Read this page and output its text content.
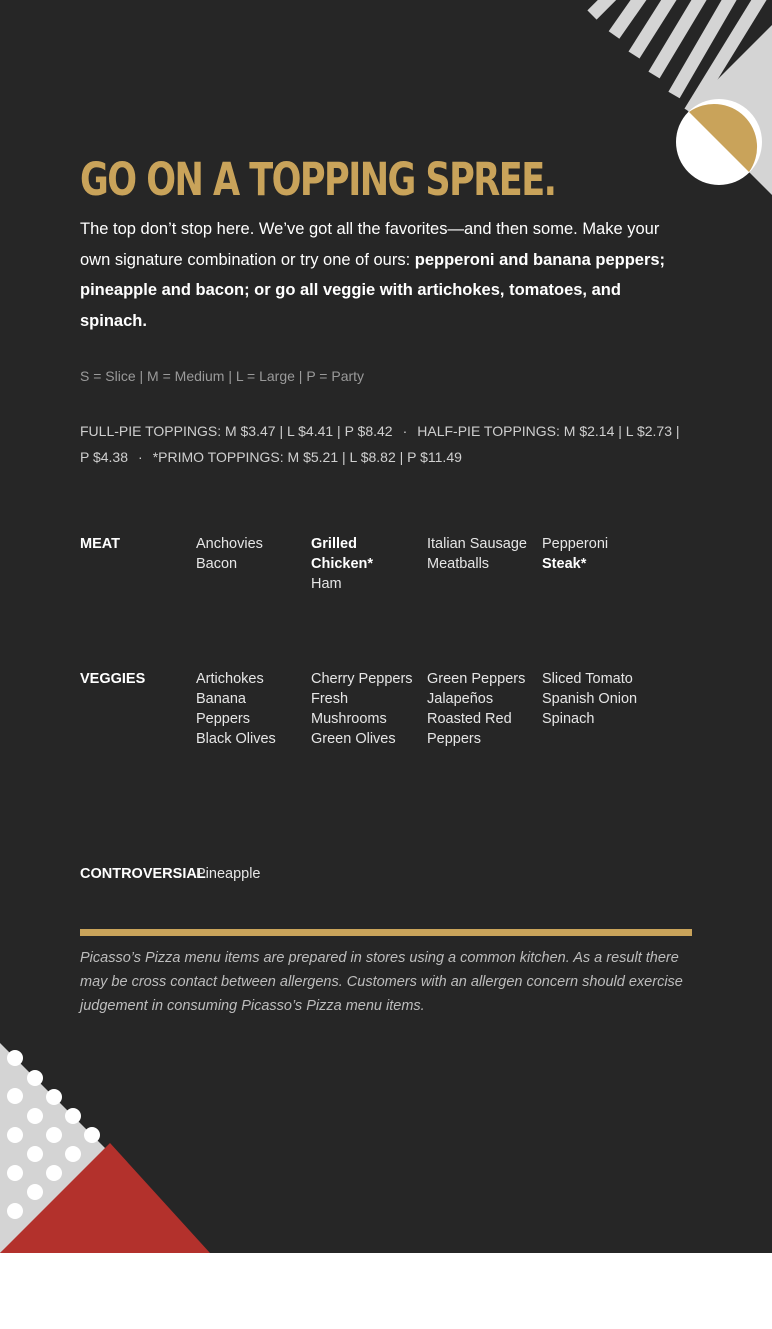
GO ON A TOPPING SPREE.

The top don’t stop here. We’ve got all the favorites—and then some. Make your own signature combination or try one of ours: pepperoni and banana peppers; pineapple and bacon; or go all veggie with artichokes, tomatoes, and spinach.

S = Slice | M = Medium | L = Large | P = Party

FULL-PIE TOPPINGS: M $3.47 | L $4.41 | P $8.42 · HALF-PIE TOPPINGS: M $2.14 | L $2.73 | P $4.38 · *PRIMO TOPPINGS: M $5.21 | L $8.82 | P $11.49

MEAT	Anchovies
Bacon
Grilled Chicken*
Ham
Italian Sausage
Meatballs
Pepperoni
Steak*
VEGGIES	Artichokes
Banana Peppers
Black Olives
Cherry Peppers
Fresh Mushrooms
Green Olives
Green Peppers
Jalapeños
Roasted Red Peppers
Sliced Tomato
Spanish Onion
Spinach
CONTROVERSIAL

Pineapple

Picasso’s Pizza menu items are prepared in stores using a common kitchen. As a result there may be cross contact between allergens. Customers with an allergen concern should exercise judgement in consuming Picasso’s Pizza menu items.
